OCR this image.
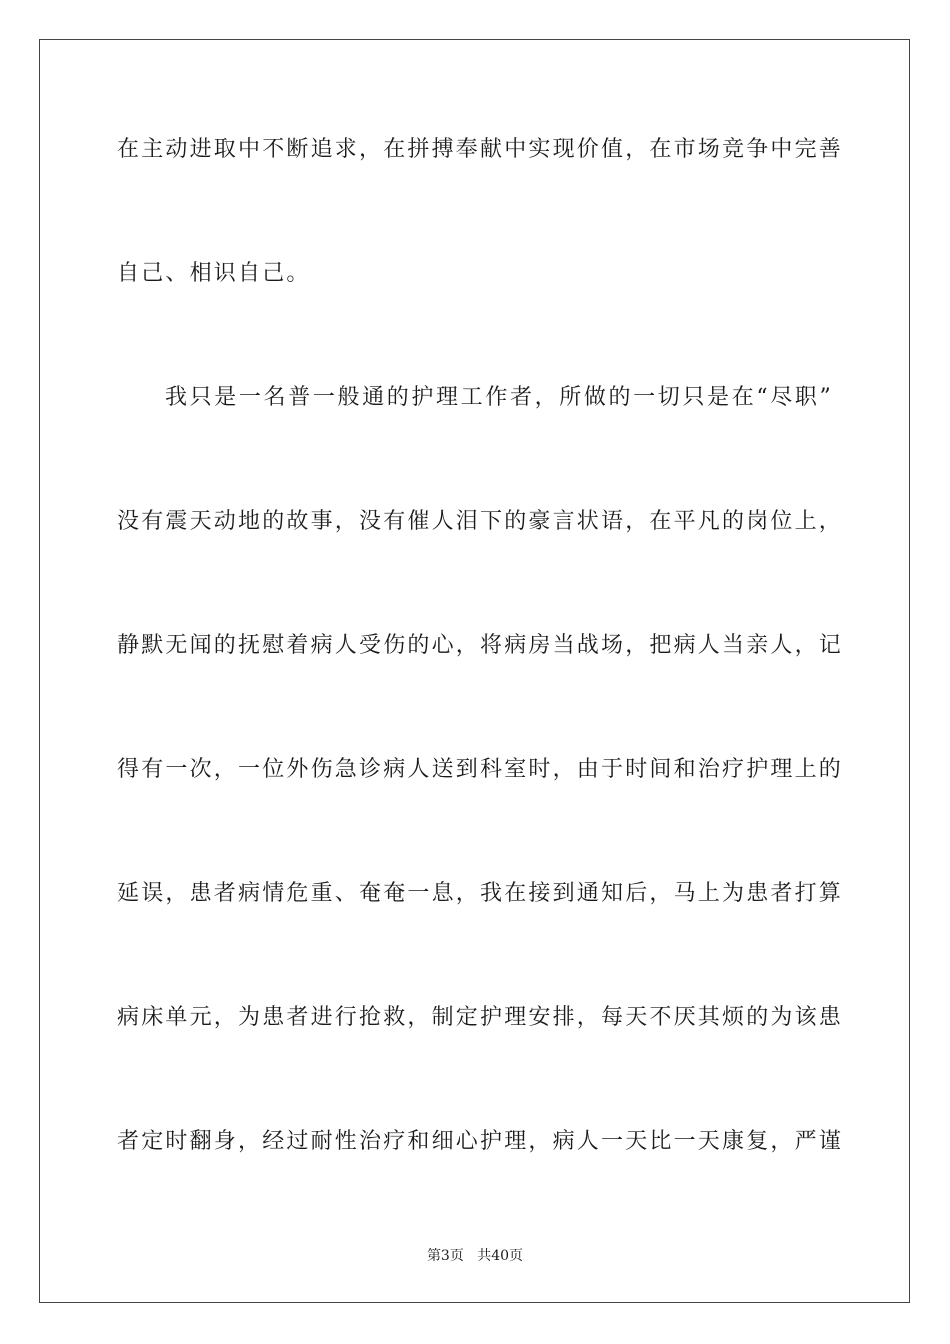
在主动进取中不断追求，在拼搏奉献中实现价值，在市场竞争中完善
自己、相识自己。
我只是一名普一般通的护理工作者，所做的一切只是在“尽职”
没有震天动地的故事，没有催人泪下的豪言状语，在平凡的岗位上，
静默无闻的抚慰着病人受伤的心，将病房当战场，把病人当亲人，记
得有一次，一位外伤急诊病人送到科室时，由于时间和治疗护理上的
延误，患者病情危重、奄奄一息，我在接到通知后，马上为患者打算
病床单元，为患者进行抢救，制定护理安排，每天不厌其烦的为该患
者定时翻身，经过耐性治疗和细心护理，病人一天比一天康复，严谨
第3页 共40页
